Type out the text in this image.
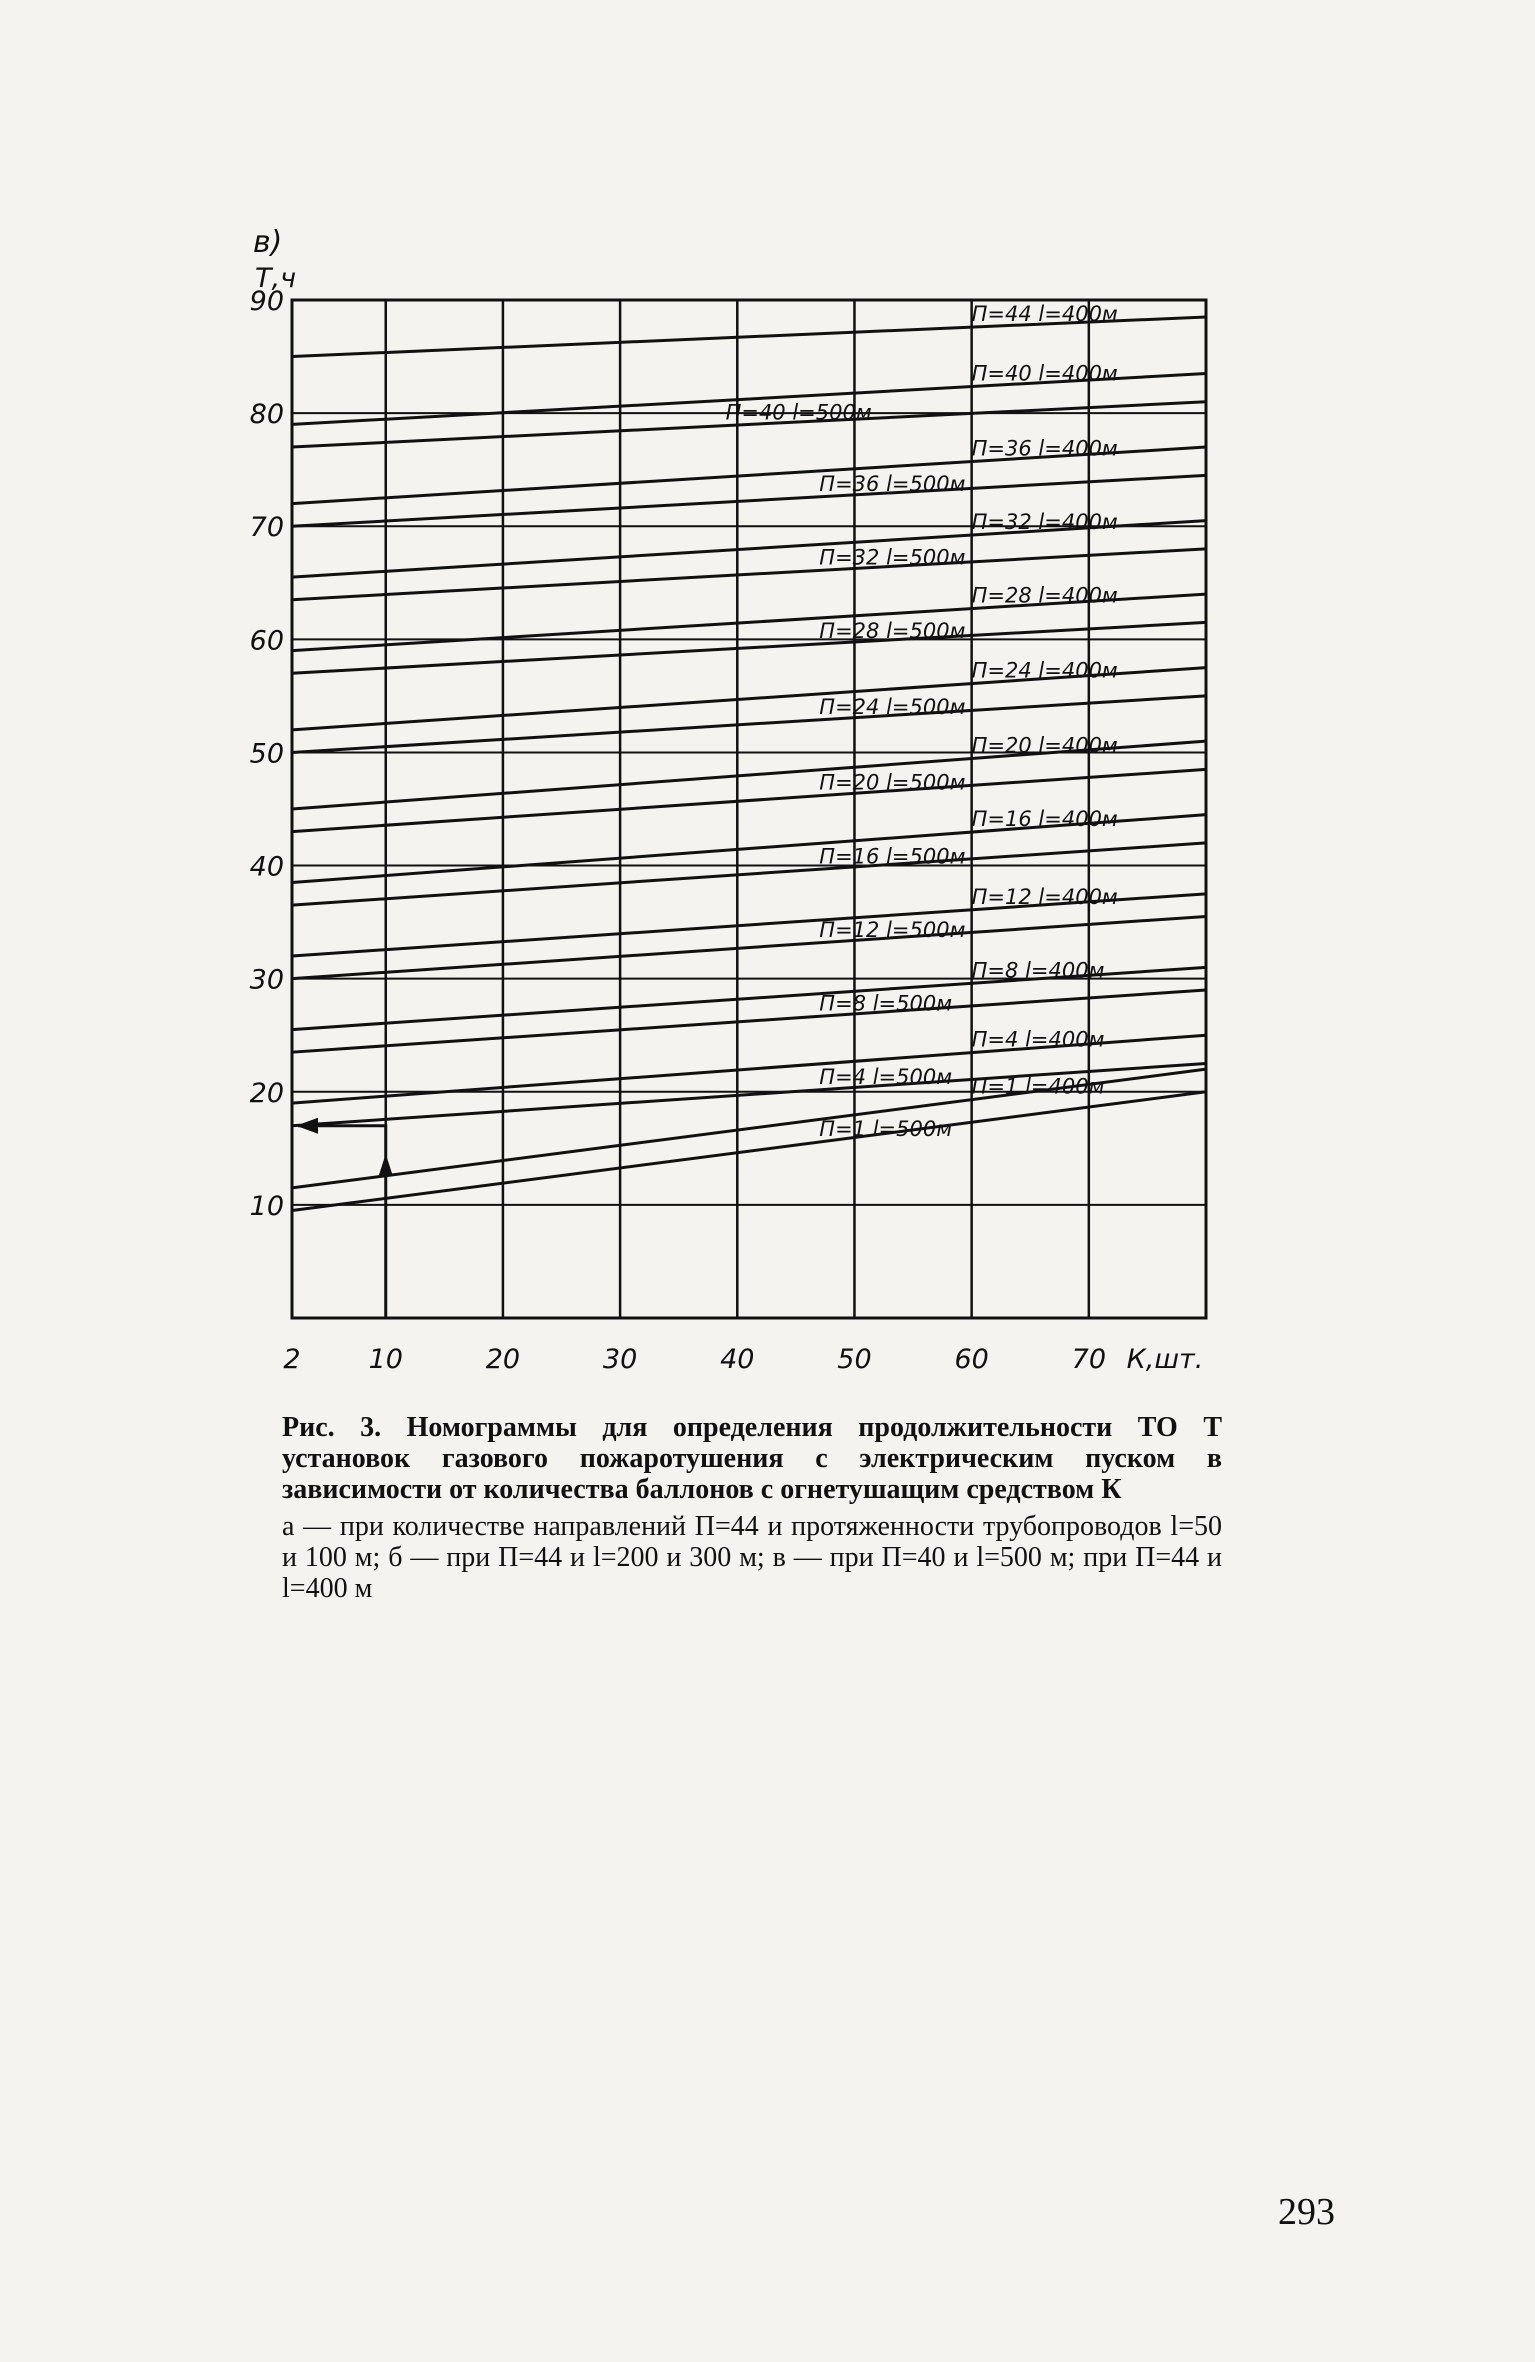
в)
Т,ч
2	10	20	30	40	50	60	70 К,шт.
10
20
30
40
50
60
70
80
90
П=1 l=500м
П=1 l=400м
П=4 l=500м
П=4 l=400м
П=8 l=500м
П=8 l=400м
П=12 l=500м
П=12 l=400м
П=16 l=500м
П=16 l=400м
П=20 l=500м
П=20 l=400м
П=24 l=500м
П=24 l=400м
П=28 l=500м
П=28 l=400м
П=32 l=500м
П=32 l=400м
П=36 l=500м
П=36 l=400м
П=40 l=500м
П=40 l=400м
П=44 l=400м

Рис. 3. Номограммы для определения продолжительности ТО Т установок газового пожаротушения с электрическим пуском в зависимости от количества баллонов с огнетушащим средством К

а — при количестве направлений П=44 и протяженности трубопроводов l=50 и 100 м; б — при П=44 и l=200 и 300 м; в — при П=40 и l=500 м; при П=44 и l=400 м

293
